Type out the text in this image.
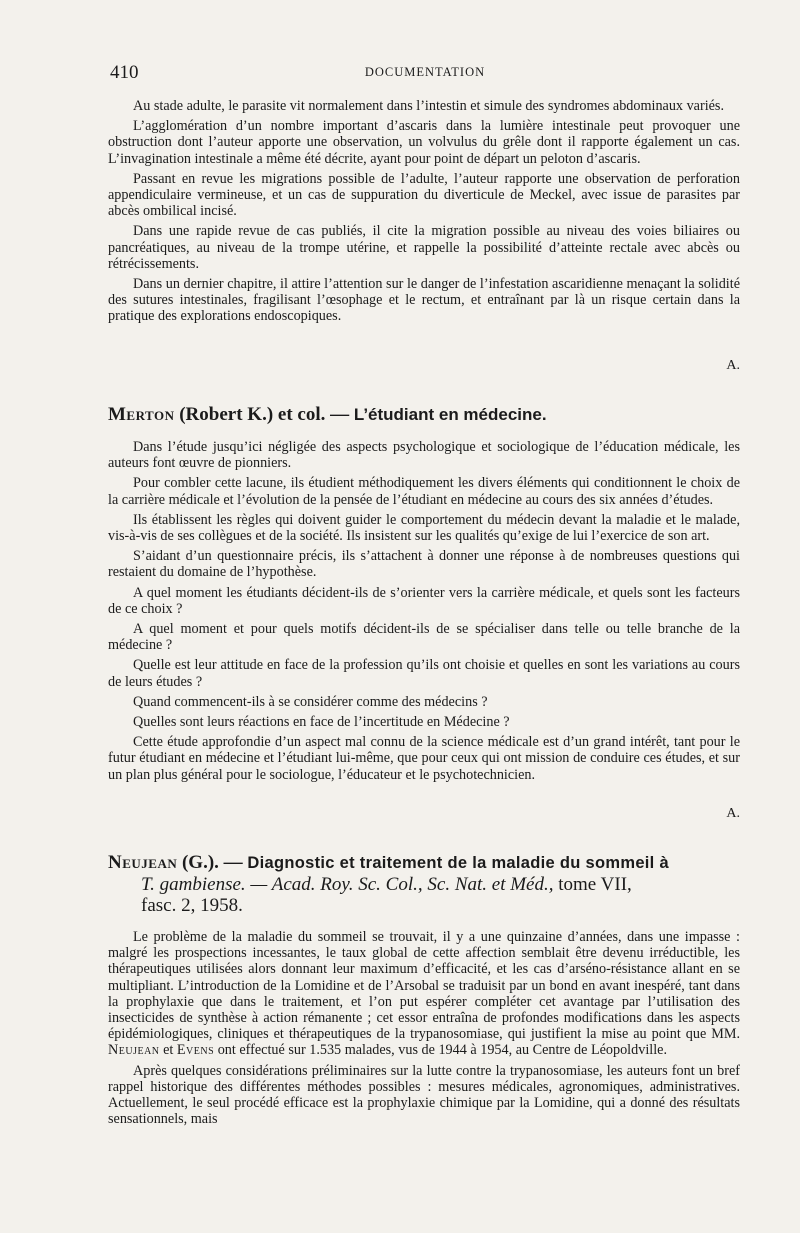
410	DOCUMENTATION

Au stade adulte, le parasite vit normalement dans l’intestin et simule des syndromes abdominaux variés.

L’agglomération d’un nombre important d’ascaris dans la lumière intestinale peut provoquer une obstruction dont l’auteur apporte une observation, un volvulus du grêle dont il rapporte également un cas. L’invagination intestinale a même été décrite, ayant pour point de départ un peloton d’ascaris.

Passant en revue les migrations possible de l’adulte, l’auteur rapporte une observation de perforation appendiculaire vermineuse, et un cas de suppuration du diverticule de Meckel, avec issue de parasites par abcès ombilical incisé.

Dans une rapide revue de cas publiés, il cite la migration possible au niveau des voies biliaires ou pancréatiques, au niveau de la trompe utérine, et rappelle la possibilité d’atteinte rectale avec abcès ou rétrécissements.

Dans un dernier chapitre, il attire l’attention sur le danger de l’infestation ascaridienne menaçant la solidité des sutures intestinales, fragilisant l’œsophage et le rectum, et entraînant par là un risque certain dans la pratique des explorations endoscopiques.

A.
Merton (Robert K.) et col. — L’étudiant en médecine.

Dans l’étude jusqu’ici négligée des aspects psychologique et sociologique de l’éducation médicale, les auteurs font œuvre de pionniers.

Pour combler cette lacune, ils étudient méthodiquement les divers éléments qui conditionnent le choix de la carrière médicale et l’évolution de la pensée de l’étudiant en médecine au cours des six années d’études.

Ils établissent les règles qui doivent guider le comportement du médecin devant la maladie et le malade, vis-à-vis de ses collègues et de la société. Ils insistent sur les qualités qu’exige de lui l’exercice de son art.

S’aidant d’un questionnaire précis, ils s’attachent à donner une réponse à de nombreuses questions qui restaient du domaine de l’hypothèse.

A quel moment les étudiants décident-ils de s’orienter vers la carrière médicale, et quels sont les facteurs de ce choix ?

A quel moment et pour quels motifs décident-ils de se spécialiser dans telle ou telle branche de la médecine ?

Quelle est leur attitude en face de la profession qu’ils ont choisie et quelles en sont les variations au cours de leurs études ?

Quand commencent-ils à se considérer comme des médecins ?

Quelles sont leurs réactions en face de l’incertitude en Médecine ?

Cette étude approfondie d’un aspect mal connu de la science médicale est d’un grand intérêt, tant pour le futur étudiant en médecine et l’étudiant lui-même, que pour ceux qui ont mission de conduire ces études, et sur un plan plus général pour le sociologue, l’éducateur et le psychotechnicien.

A.
Neujean (G.). — Diagnostic et traitement de la maladie du sommeil à
T. gambiense. — Acad. Roy. Sc. Col., Sc. Nat. et Méd., tome VII,
fasc. 2, 1958.

Le problème de la maladie du sommeil se trouvait, il y a une quinzaine d’années, dans une impasse : malgré les prospections incessantes, le taux global de cette affection semblait être devenu irréductible, les thérapeutiques utilisées alors donnant leur maximum d’efficacité, et les cas d’arséno-résistance allant en se multipliant. L’introduction de la Lomidine et de l’Arsobal se traduisit par un bond en avant inespéré, tant dans la prophylaxie que dans le traitement, et l’on put espérer compléter cet avantage par l’utilisation des insecticides de synthèse à action rémanente ; cet essor entraîna de profondes modifications dans les aspects épidémiologiques, cliniques et thérapeutiques de la trypanosomiase, qui justifient la mise au point que MM. Neujean et Evens ont effectué sur 1.535 malades, vus de 1944 à 1954, au Centre de Léopoldville.

Après quelques considérations préliminaires sur la lutte contre la trypanosomiase, les auteurs font un bref rappel historique des différentes méthodes possibles : mesures médicales, agronomiques, administratives. Actuellement, le seul procédé efficace est la prophylaxie chimique par la Lomidine, qui a donné des résultats sensationnels, mais
